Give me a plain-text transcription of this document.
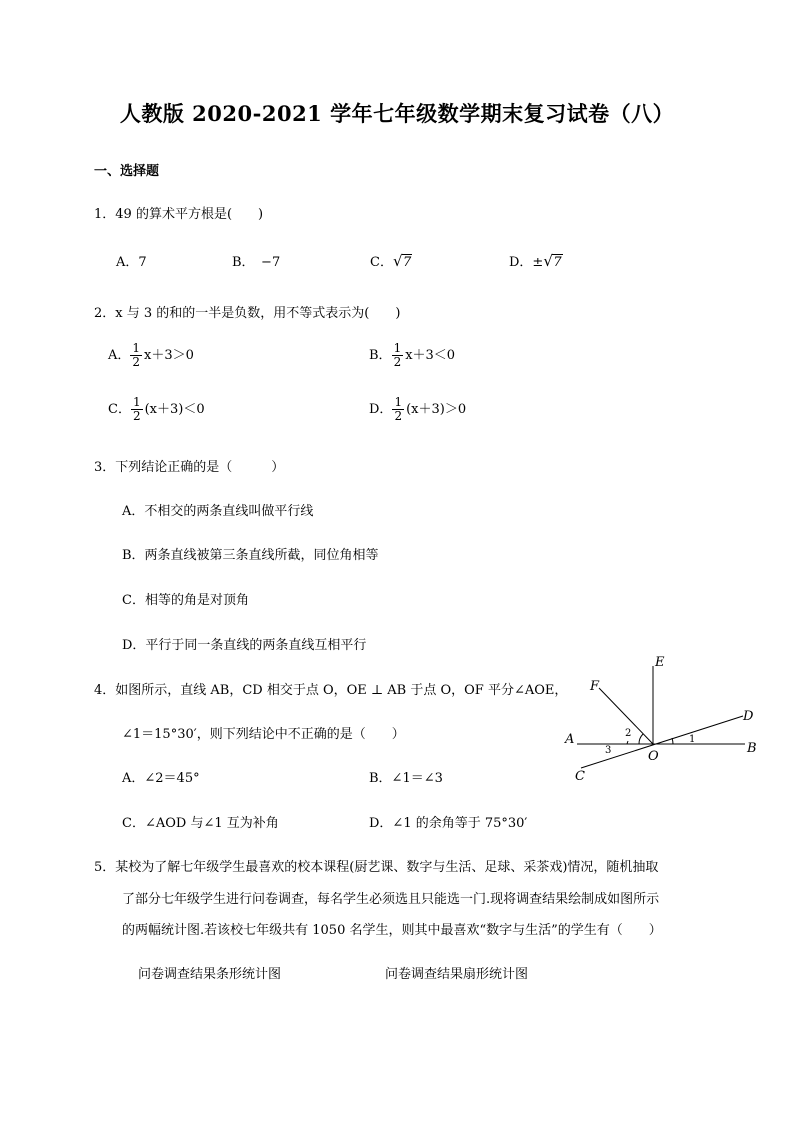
人教版 2020-2021 学年七年级数学期末复习试卷（八）
一、选择题
1．49 的算术平方根是(　　)
A．7	B．　−7	C． √ 7	D．± √ 7
2．x 与 3 的和的一半是负数，用不等式表示为(　　)
A． $\frac{1}{2} x+3>0$	B． $\frac{1}{2} x+3<0$
C． $\frac{1}{2} (x+3)<0$	D． $\frac{1}{2} (x+3)>0$
3．下列结论正确的是（　　　）
A．不相交的两条直线叫做平行线
B．两条直线被第三条直线所截，同位角相等
C．相等的角是对顶角
D．平行于同一条直线的两条直线互相平行
4．如图所示，直线 AB，CD 相交于点 O，OE ⊥ AB 于点 O，OF 平分∠AOE，
∠1＝15°30′，则下列结论中不正确的是（　　）
A．∠2＝45°	B．∠1＝∠3
C．∠AOD 与∠1 互为补角	D．∠1 的余角等于 75°30′
E
F
D
A
B
C
O
2
3
1
5．某校为了解七年级学生最喜欢的校本课程(厨艺课、数字与生活、足球、采茶戏)情况，随机抽取
了部分七年级学生进行问卷调查，每名学生必须选且只能选一门.现将调查结果绘制成如图所示
的两幅统计图.若该校七年级共有 1050 名学生，则其中最喜欢“数字与生活”的学生有（　　）
问卷调查结果条形统计图	问卷调查结果扇形统计图
